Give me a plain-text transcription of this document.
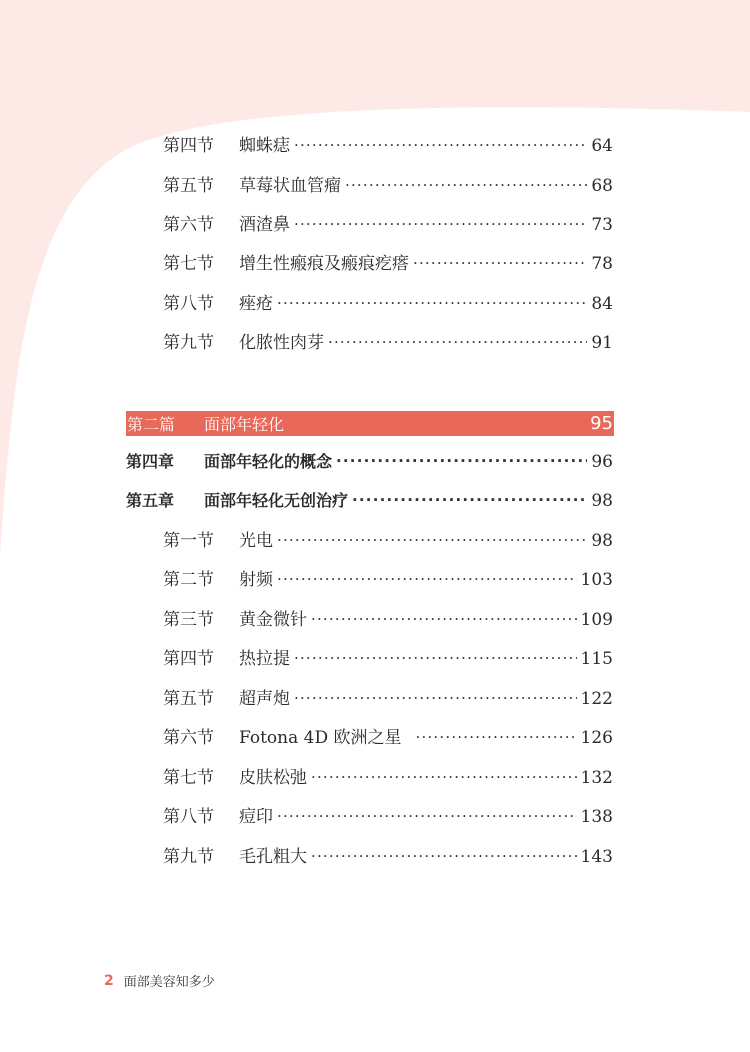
第四节	蜘蛛痣 ·····	64
第五节	草莓状血管瘤 ·····	68
第六节	酒渣鼻 ·····	73
第七节	增生性瘢痕及瘢痕疙瘩 ·····	78
第八节	痤疮 ·····	84
第九节	化脓性肉芽 ·····	91
第二篇	面部年轻化	95
第四章	面部年轻化的概念 ·····	96
第五章	面部年轻化无创治疗 ·····	98
第一节	光电 ·····	98
第二节	射频 ·····	103
第三节	黄金微针 ·····	109
第四节	热拉提 ·····	115
第五节	超声炮 ·····	122
第六节	Fotona 4D 欧洲之星 ·····	126
第七节	皮肤松弛 ·····	132
第八节	痘印 ·····	138
第九节	毛孔粗大 ·····	143
2 面部美容知多少
